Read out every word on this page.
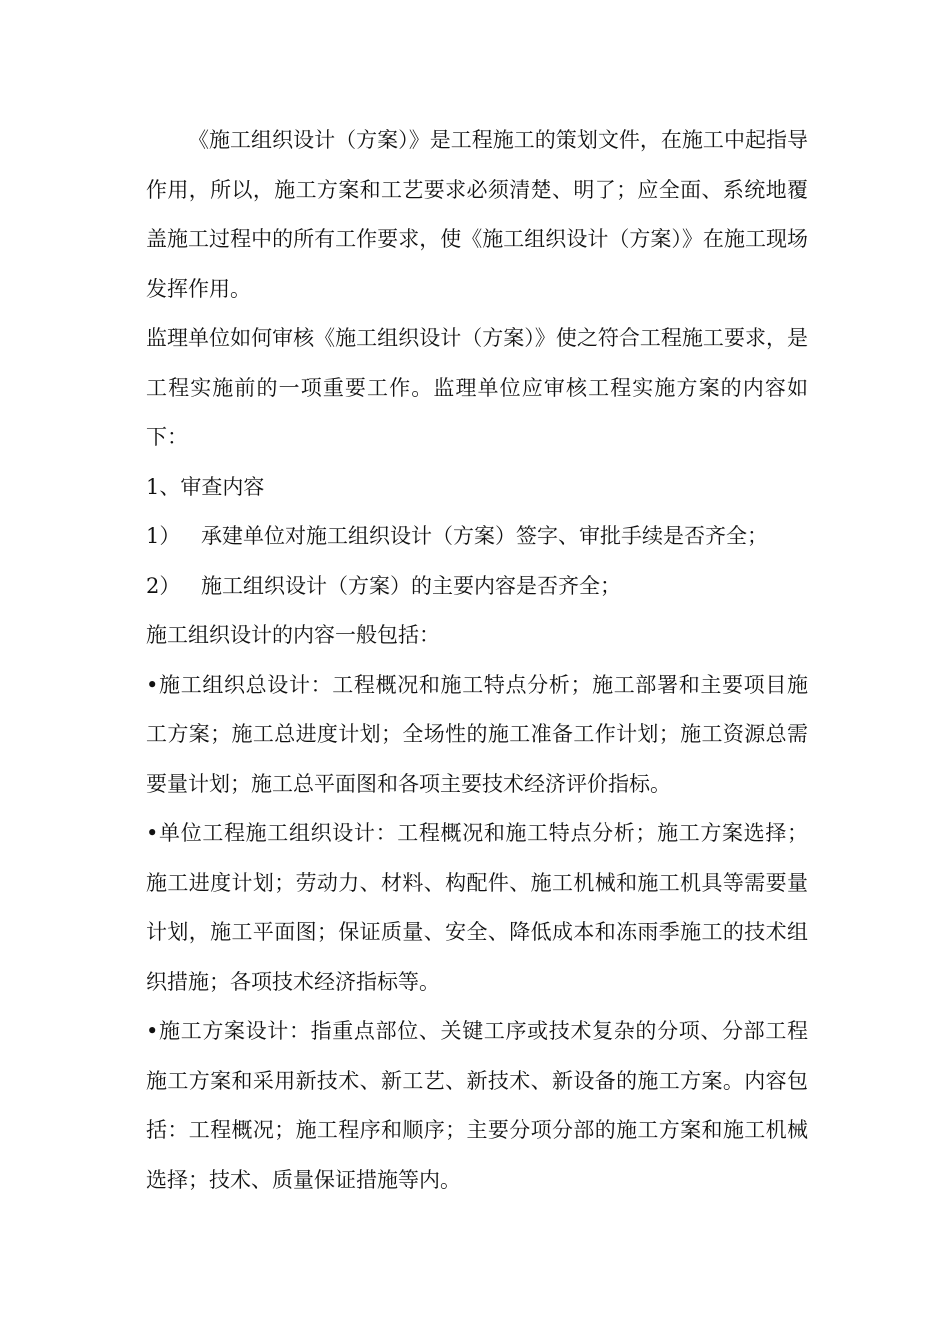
《施工组织设计（方案）》是工程施工的策划文件，在施工中起指导作用，所以，施工方案和工艺要求必须清楚、明了；应全面、系统地覆盖施工过程中的所有工作要求，使《施工组织设计（方案）》在施工现场发挥作用。

监理单位如何审核《施工组织设计（方案）》使之符合工程施工要求，是工程实施前的一项重要工作。监理单位应审核工程实施方案的内容如下：

1、审查内容

1） 承建单位对施工组织设计（方案）签字、审批手续是否齐全；
2） 施工组织设计（方案）的主要内容是否齐全；

施工组织设计的内容一般包括：

•施工组织总设计：工程概况和施工特点分析；施工部署和主要项目施工方案；施工总进度计划；全场性的施工准备工作计划；施工资源总需要量计划；施工总平面图和各项主要技术经济评价指标。

•单位工程施工组织设计：工程概况和施工特点分析；施工方案选择；施工进度计划；劳动力、材料、构配件、施工机械和施工机具等需要量计划，施工平面图；保证质量、安全、降低成本和冻雨季施工的技术组织措施；各项技术经济指标等。

•施工方案设计：指重点部位、关键工序或技术复杂的分项、分部工程施工方案和采用新技术、新工艺、新技术、新设备的施工方案。内容包括：工程概况；施工程序和顺序；主要分项分部的施工方案和施工机械选择；技术、质量保证措施等内。
